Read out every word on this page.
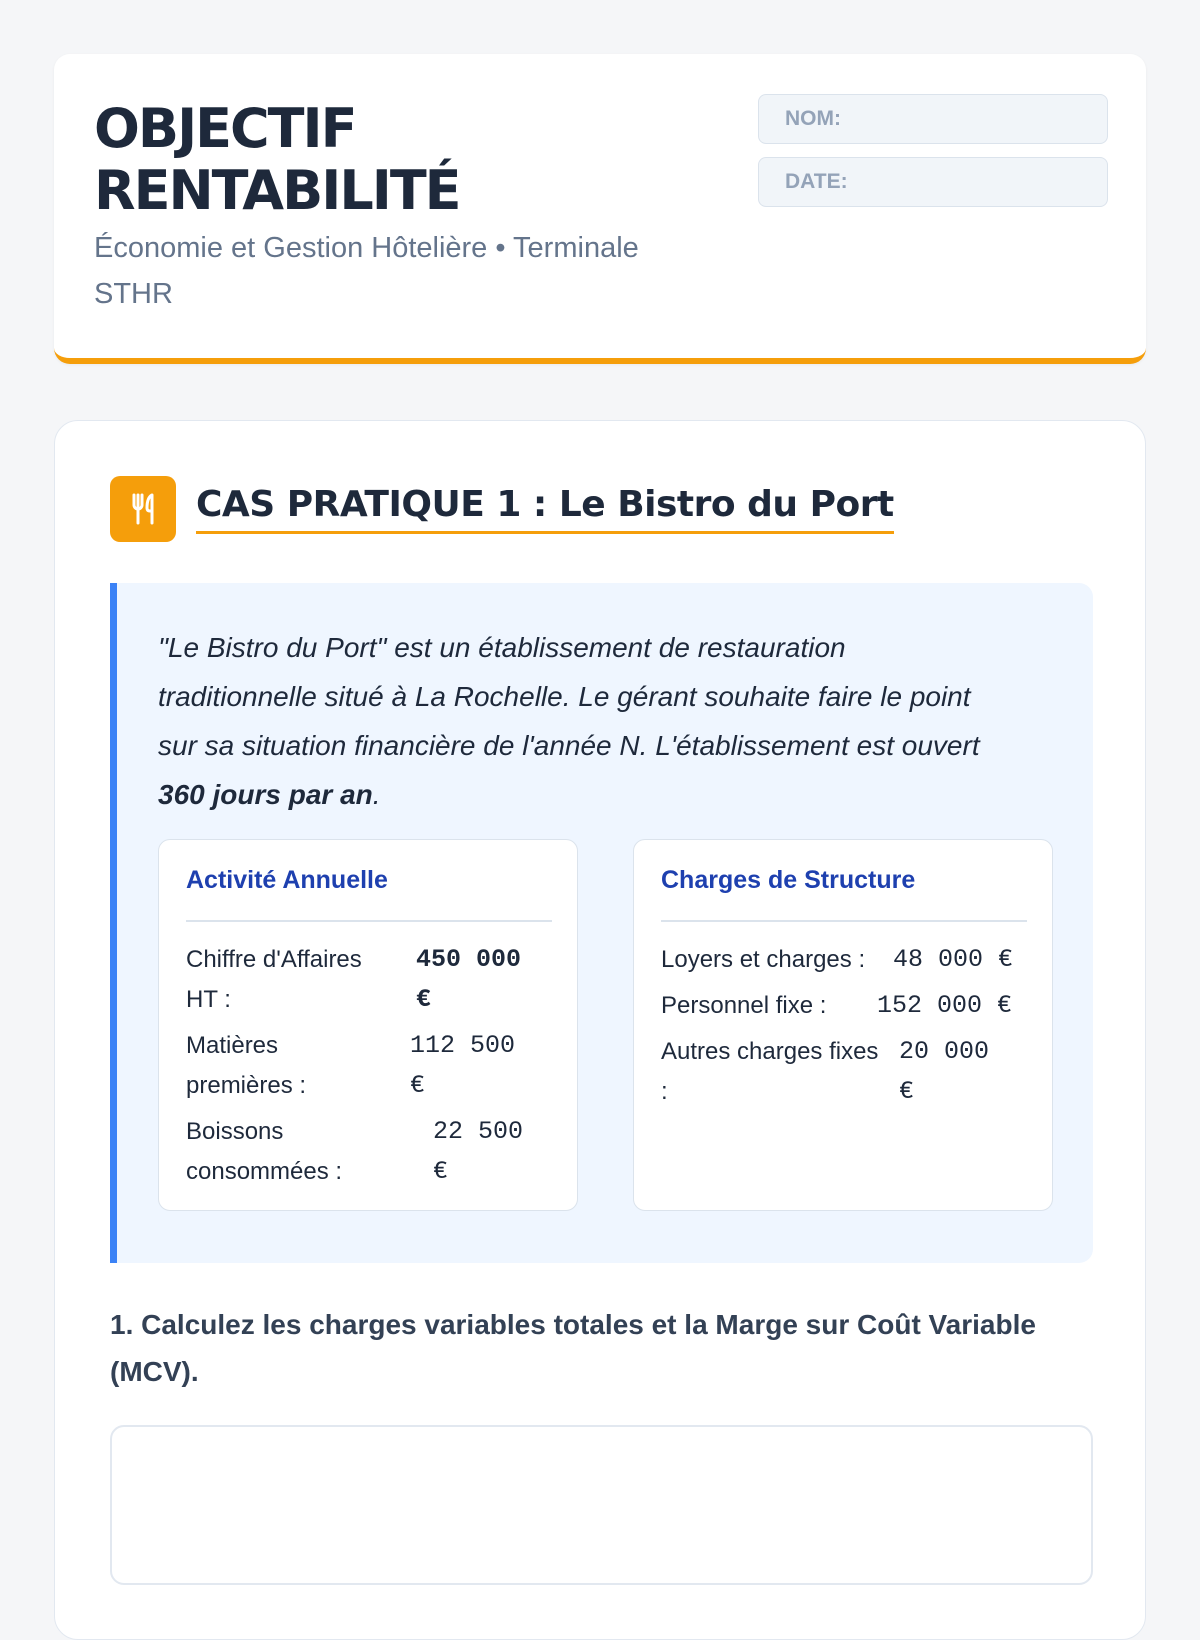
OBJECTIF
RENTABILITÉ
Économie et Gestion Hôtelière • Terminale
STHR
NOM:
DATE:
CAS PRATIQUE 1 : Le Bistro du Port
"Le Bistro du Port" est un établissement de restauration
traditionnelle situé à La Rochelle. Le gérant souhaite faire le point
sur sa situation financière de l'année N. L'établissement est ouvert
360 jours par an.
Activité Annuelle
Chiffre d'Affaires
HT :
450 000
€
Matières
premières :
112 500
€
Boissons
consommées :
22 500
€
Charges de Structure
Loyers et charges : 48 000 €
Personnel fixe : 152 000 €
Autres charges fixes
:
20 000
€
1. Calculez les charges variables totales et la Marge sur Coût Variable
(MCV).
